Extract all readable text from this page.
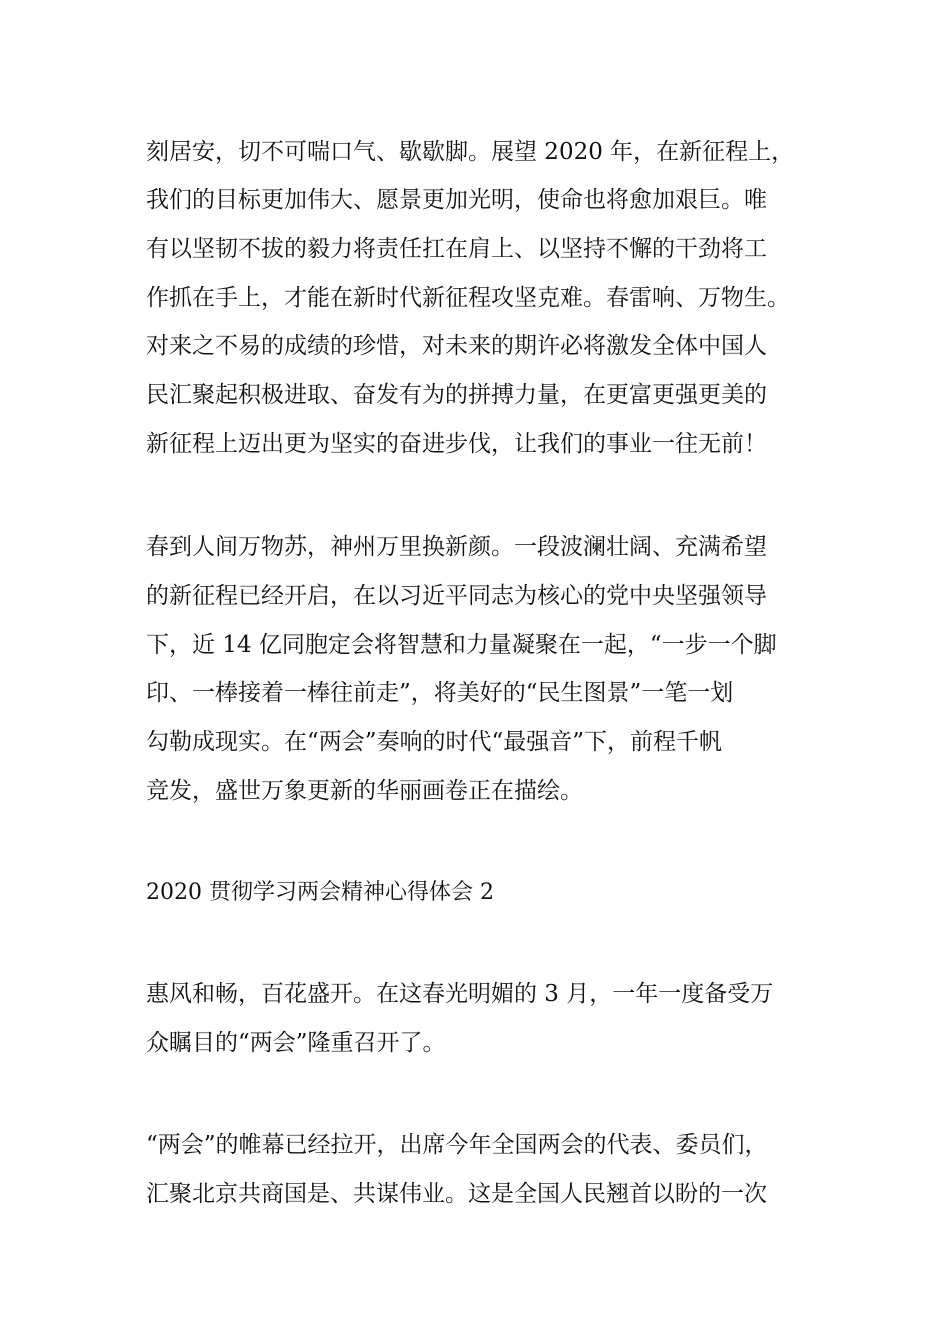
刻居安，切不可喘口气、歇歇脚。展望 2020 年，在新征程上，

我们的目标更加伟大、愿景更加光明，使命也将愈加艰巨。唯

有以坚韧不拔的毅力将责任扛在肩上、以坚持不懈的干劲将工

作抓在手上，才能在新时代新征程攻坚克难。春雷响、万物生。

对来之不易的成绩的珍惜，对未来的期许必将激发全体中国人

民汇聚起积极进取、奋发有为的拼搏力量，在更富更强更美的

新征程上迈出更为坚实的奋进步伐，让我们的事业一往无前！

春到人间万物苏，神州万里换新颜。一段波澜壮阔、充满希望

的新征程已经开启，在以习近平同志为核心的党中央坚强领导

下，近 14 亿同胞定会将智慧和力量凝聚在一起，“一步一个脚

印、一棒接着一棒往前走”，将美好的“民生图景”一笔一划

勾勒成现实。在“两会”奏响的时代“最强音”下，前程千帆

竞发，盛世万象更新的华丽画卷正在描绘。

2020 贯彻学习两会精神心得体会 2

惠风和畅，百花盛开。在这春光明媚的 3 月，一年一度备受万

众瞩目的“两会”隆重召开了。

“两会”的帷幕已经拉开，出席今年全国两会的代表、委员们，

汇聚北京共商国是、共谋伟业。这是全国人民翘首以盼的一次
